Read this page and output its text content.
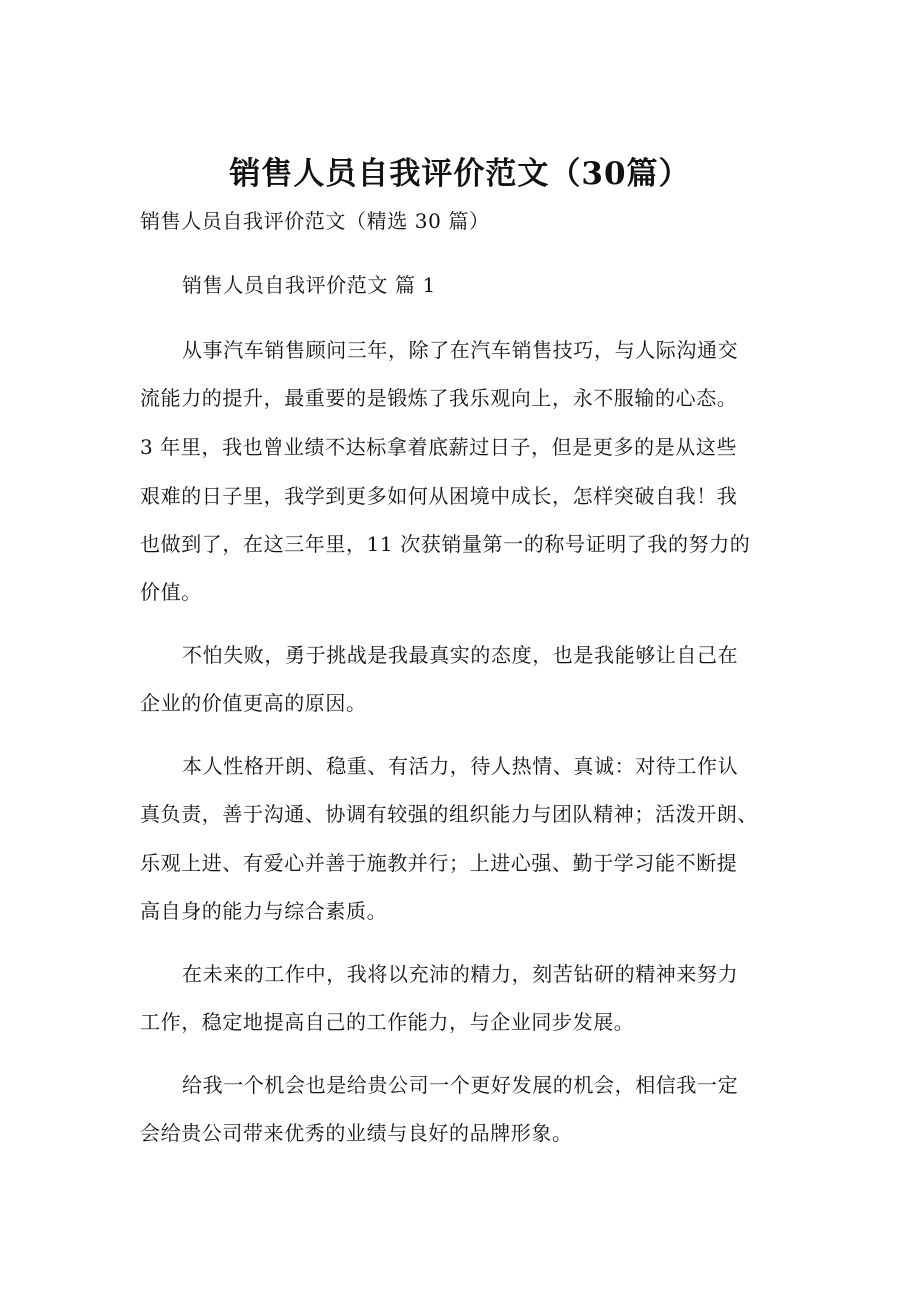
销售人员自我评价范文（30篇）
销售人员自我评价范文（精选 30 篇）
销售人员自我评价范文 篇 1
从事汽车销售顾问三年，除了在汽车销售技巧，与人际沟通交
流能力的提升，最重要的是锻炼了我乐观向上，永不服输的心态。
3 年里，我也曾业绩不达标拿着底薪过日子，但是更多的是从这些
艰难的日子里，我学到更多如何从困境中成长，怎样突破自我！我
也做到了，在这三年里，11 次获销量第一的称号证明了我的努力的
价值。
不怕失败，勇于挑战是我最真实的态度，也是我能够让自己在
企业的价值更高的原因。
本人性格开朗、稳重、有活力，待人热情、真诚：对待工作认
真负责，善于沟通、协调有较强的组织能力与团队精神；活泼开朗、
乐观上进、有爱心并善于施教并行；上进心强、勤于学习能不断提
高自身的能力与综合素质。
在未来的工作中，我将以充沛的精力，刻苦钻研的精神来努力
工作，稳定地提高自己的工作能力，与企业同步发展。
给我一个机会也是给贵公司一个更好发展的机会，相信我一定
会给贵公司带来优秀的业绩与良好的品牌形象。
